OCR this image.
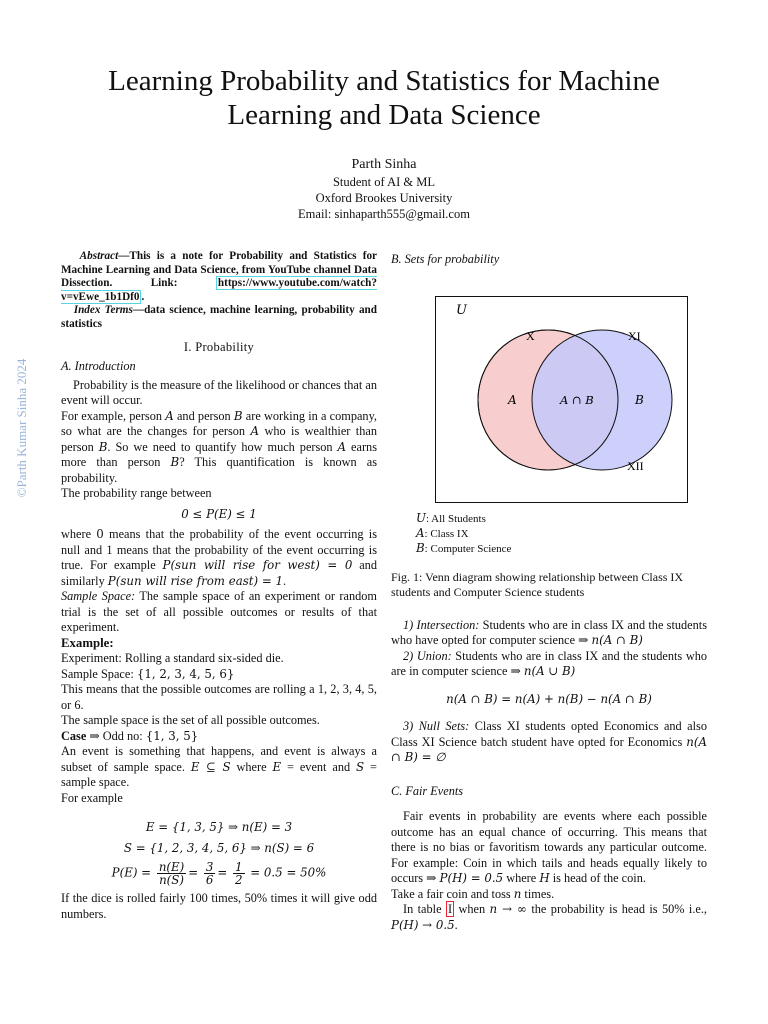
Learning Probability and Statistics for Machine Learning and Data Science
Parth Sinha
Student of AI & ML
Oxford Brookes University
Email: sinhaparth555@gmail.com
©Parth Kumar Sinha 2024

Abstract—This is a note for Probability and Statistics for Machine Learning and Data Science, from YouTube channel Data Dissection. Link: https://www.youtube.com/watch?v=vEwe_1b1Df0 .

Index Terms—data science, machine learning, probability and statistics

I. Probability
A. Introduction

Probability is the measure of the likelihood or chances that an event will occur.

For example, person A and person B are working in a company, so what are the changes for person A who is wealthier than person B. So we need to quantify how much person A earns more than person B? This quantification is known as probability.

The probability range between

0 ≤ P(E) ≤ 1

where 0 means that the probability of the event occurring is null and 1 means that the probability of the event occurring is true. For example P(sun will rise for west) = 0 and similarly P(sun will rise from east) = 1.

Sample Space: The sample space of an experiment or random trial is the set of all possible outcomes or results of that experiment.

Example:

Experiment: Rolling a standard six-sided die.

Sample Space: {1, 2, 3, 4, 5, 6}

This means that the possible outcomes are rolling a 1, 2, 3, 4, 5, or 6.

The sample space is the set of all possible outcomes.

Case ⇒ Odd no: {1, 3, 5}

An event is something that happens, and event is always a subset of sample space. E ⊆ S where E = event and S = sample space.

For example

E = {1, 3, 5} ⇒ n(E) = 3
S = {1, 2, 3, 4, 5, 6} ⇒ n(S) = 6
$P(E) = \frac{n(E)}{n(S)} = \frac{3}{6} = \frac{1}{2} = 0.5 = 50\%$

If the dice is rolled fairly 100 times, 50% times it will give odd numbers.

B. Sets for probability
U
X	XI
XII
A	A ∩ B	B
U: All Students
A: Class IX
B: Computer Science

Fig. 1: Venn diagram showing relationship between Class IX students and Computer Science students

1) Intersection: Students who are in class IX and the students who have opted for computer science ⇒ n(A ∩ B)

2) Union: Students who are in class IX and the students who are in computer science ⇒ n(A ∪ B)

n(A ∩ B) = n(A) + n(B) − n(A ∩ B)

3) Null Sets: Class XI students opted Economics and also Class XI Science batch student have opted for Economics n(A ∩ B) = ∅

C. Fair Events

Fair events in probability are events where each possible outcome has an equal chance of occurring. This means that there is no bias or favoritism towards any particular outcome. For example: Coin in which tails and heads equally likely to occurs ⇒ P(H) = 0.5 where H is head of the coin.

Take a fair coin and toss n times.

In table I when n → ∞ the probability is head is 50% i.e., P(H) → 0.5.
